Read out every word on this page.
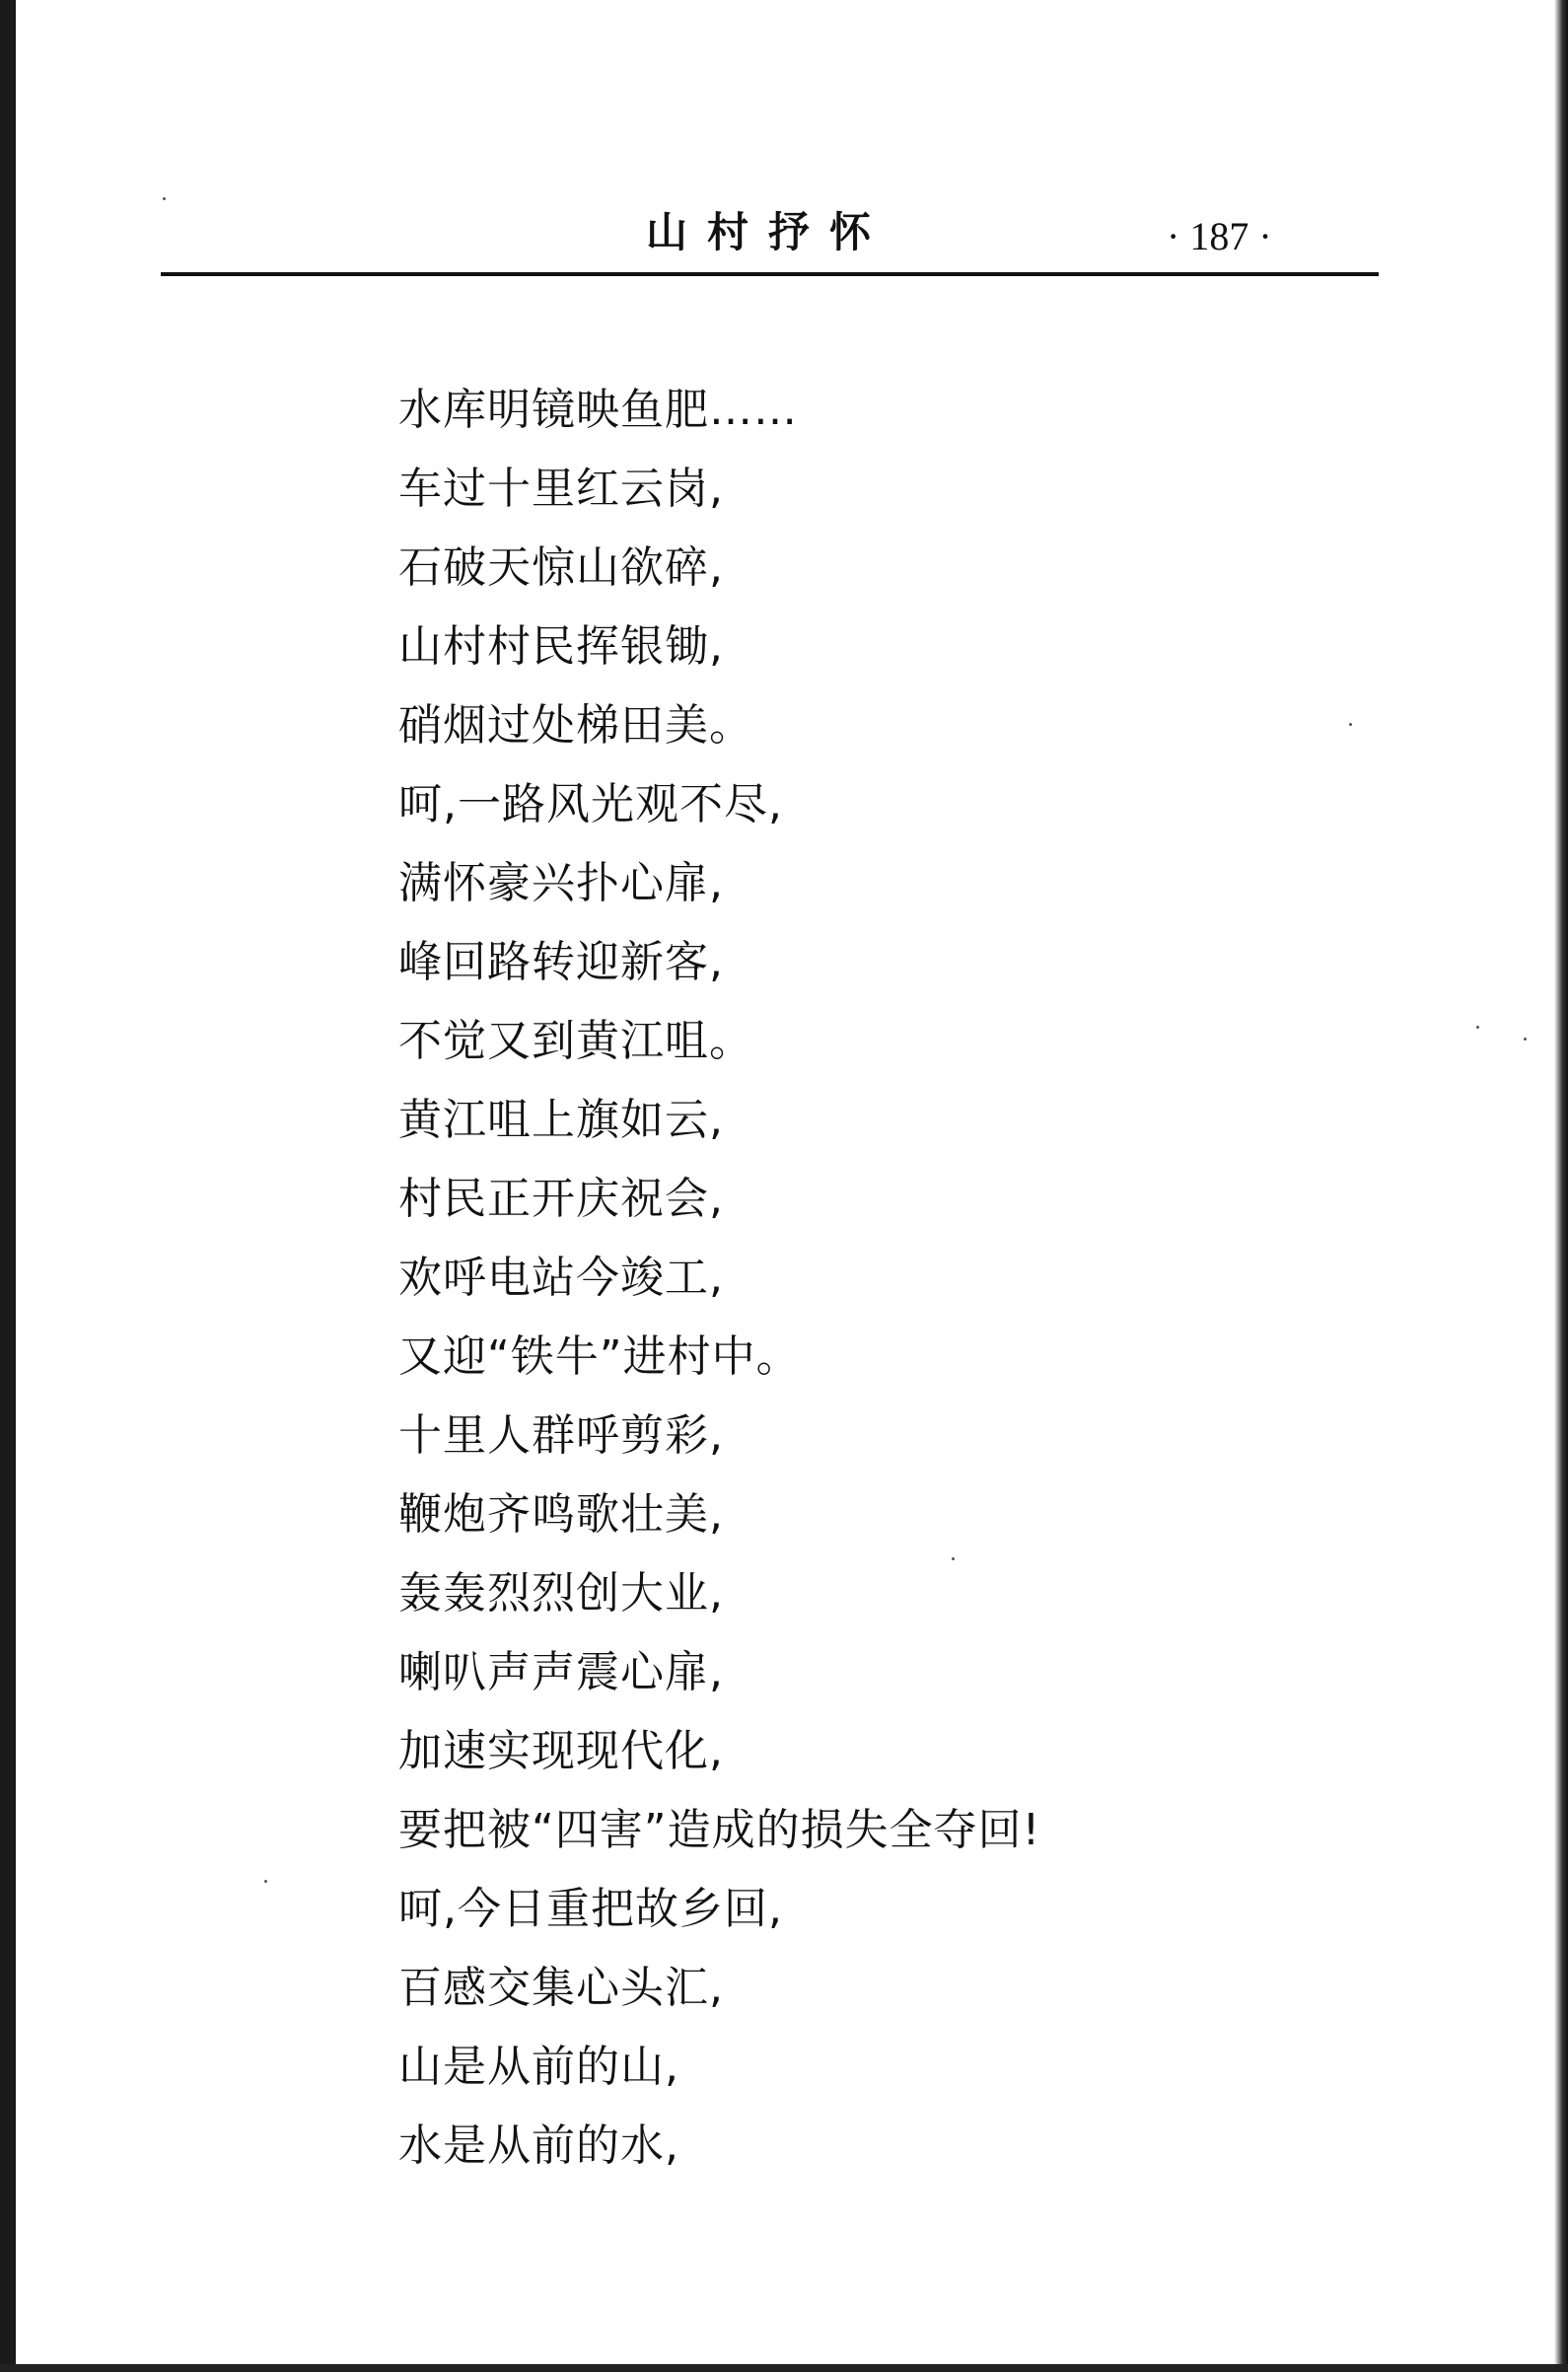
山村抒怀	· 187 ·
水库明镜映鱼肥……
车过十里红云岗,
石破天惊山欲碎,
山村村民挥银锄,
硝烟过处梯田美。
呵,一路风光观不尽,
满怀豪兴扑心扉,
峰回路转迎新客,
不觉又到黄江咀。
黄江咀上旗如云,
村民正开庆祝会,
欢呼电站今竣工,
又迎“铁牛”进村中。
十里人群呼剪彩,
鞭炮齐鸣歌壮美,
轰轰烈烈创大业,
喇叭声声震心扉,
加速实现现代化,
要把被“四害”造成的损失全夺回!
呵,今日重把故乡回,
百感交集心头汇,
山是从前的山,
水是从前的水,
